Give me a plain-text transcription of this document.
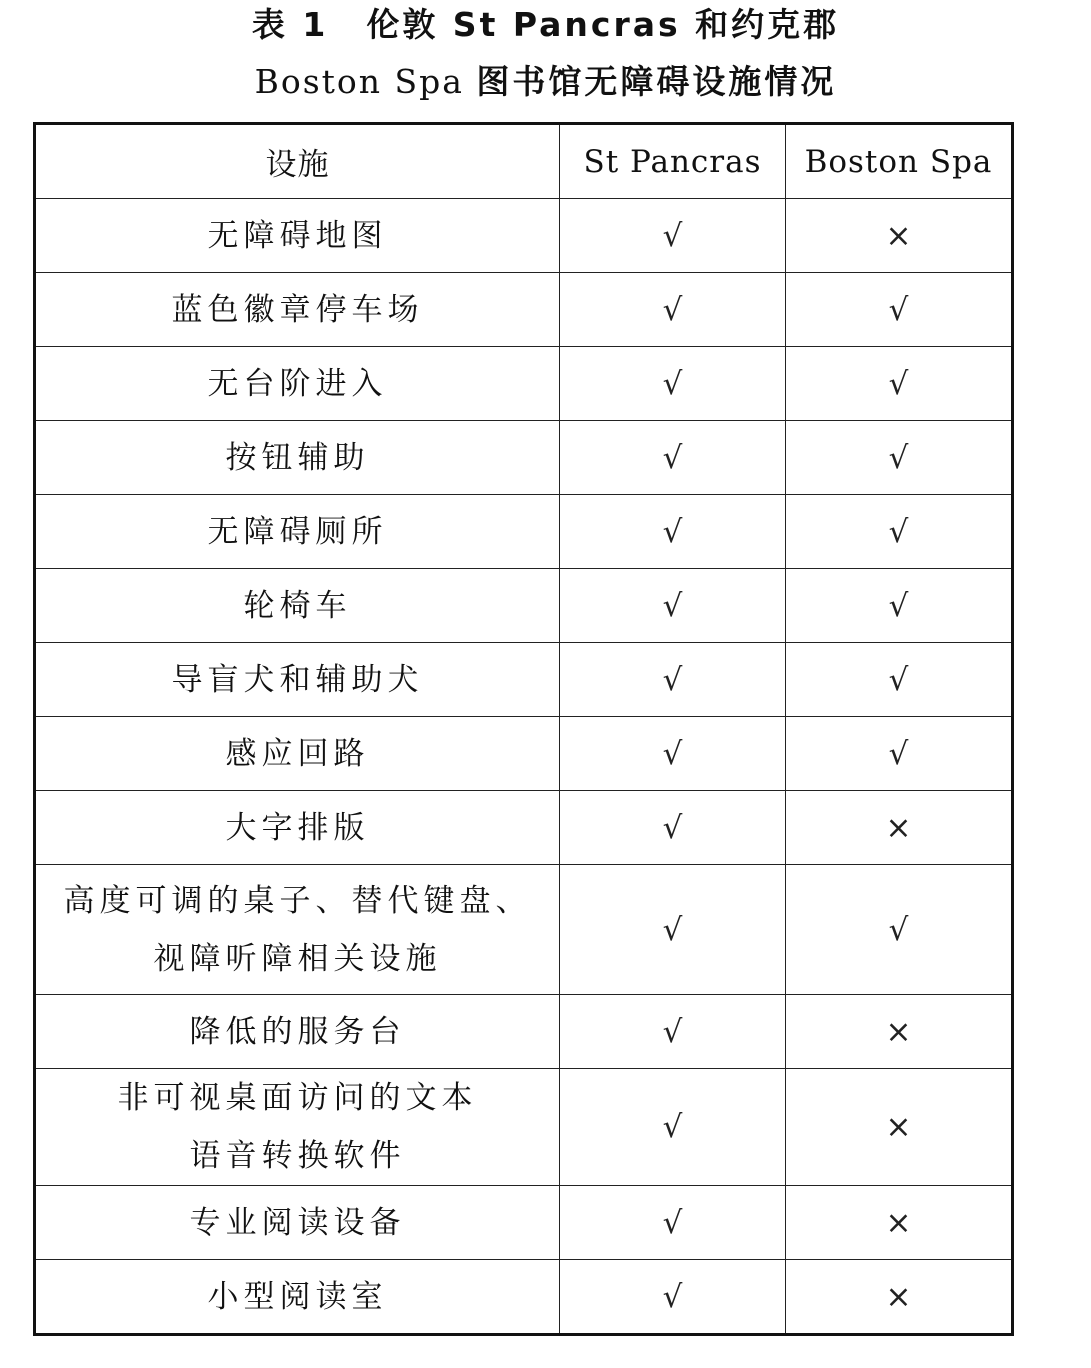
表 1 伦敦 St Pancras 和约克郡
Boston Spa 图书馆无障碍设施情况
设施	St Pancras	Boston Spa
无障碍地图	√	×
蓝色徽章停车场	√	√
无台阶进入	√	√
按钮辅助	√	√
无障碍厕所	√	√
轮椅车	√	√
导盲犬和辅助犬	√	√
感应回路	√	√
大字排版	√	×

高度可调的桌子、替代键盘、
视障听障相关设施	√	√
降低的服务台	√	×

非可视桌面访问的文本
语音转换软件	√	×
专业阅读设备	√	×
小型阅读室	√	×
